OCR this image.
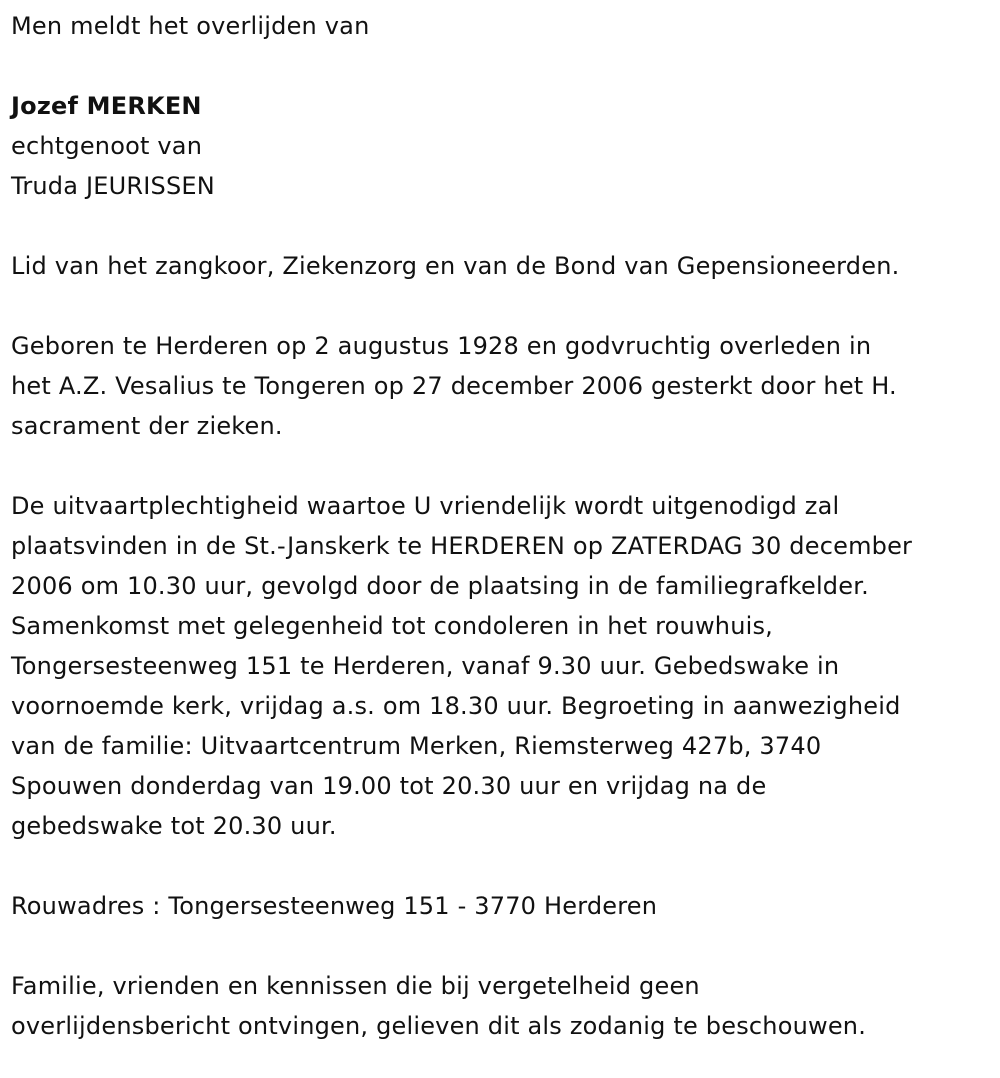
Men meldt het overlijden van
Jozef MERKEN
echtgenoot van
Truda JEURISSEN
Lid van het zangkoor, Ziekenzorg en van de Bond van Gepensioneerden.
Geboren te Herderen op 2 augustus 1928 en godvruchtig overleden in
het A.Z. Vesalius te Tongeren op 27 december 2006 gesterkt door het H.
sacrament der zieken.
De uitvaartplechtigheid waartoe U vriendelijk wordt uitgenodigd zal
plaatsvinden in de St.-Janskerk te HERDEREN op ZATERDAG 30 december
2006 om 10.30 uur, gevolgd door de plaatsing in de familiegrafkelder.
Samenkomst met gelegenheid tot condoleren in het rouwhuis,
Tongersesteenweg 151 te Herderen, vanaf 9.30 uur. Gebedswake in
voornoemde kerk, vrijdag a.s. om 18.30 uur. Begroeting in aanwezigheid
van de familie: Uitvaartcentrum Merken, Riemsterweg 427b, 3740
Spouwen donderdag van 19.00 tot 20.30 uur en vrijdag na de
gebedswake tot 20.30 uur.
Rouwadres : Tongersesteenweg 151 - 3770 Herderen
Familie, vrienden en kennissen die bij vergetelheid geen
overlijdensbericht ontvingen, gelieven dit als zodanig te beschouwen.
